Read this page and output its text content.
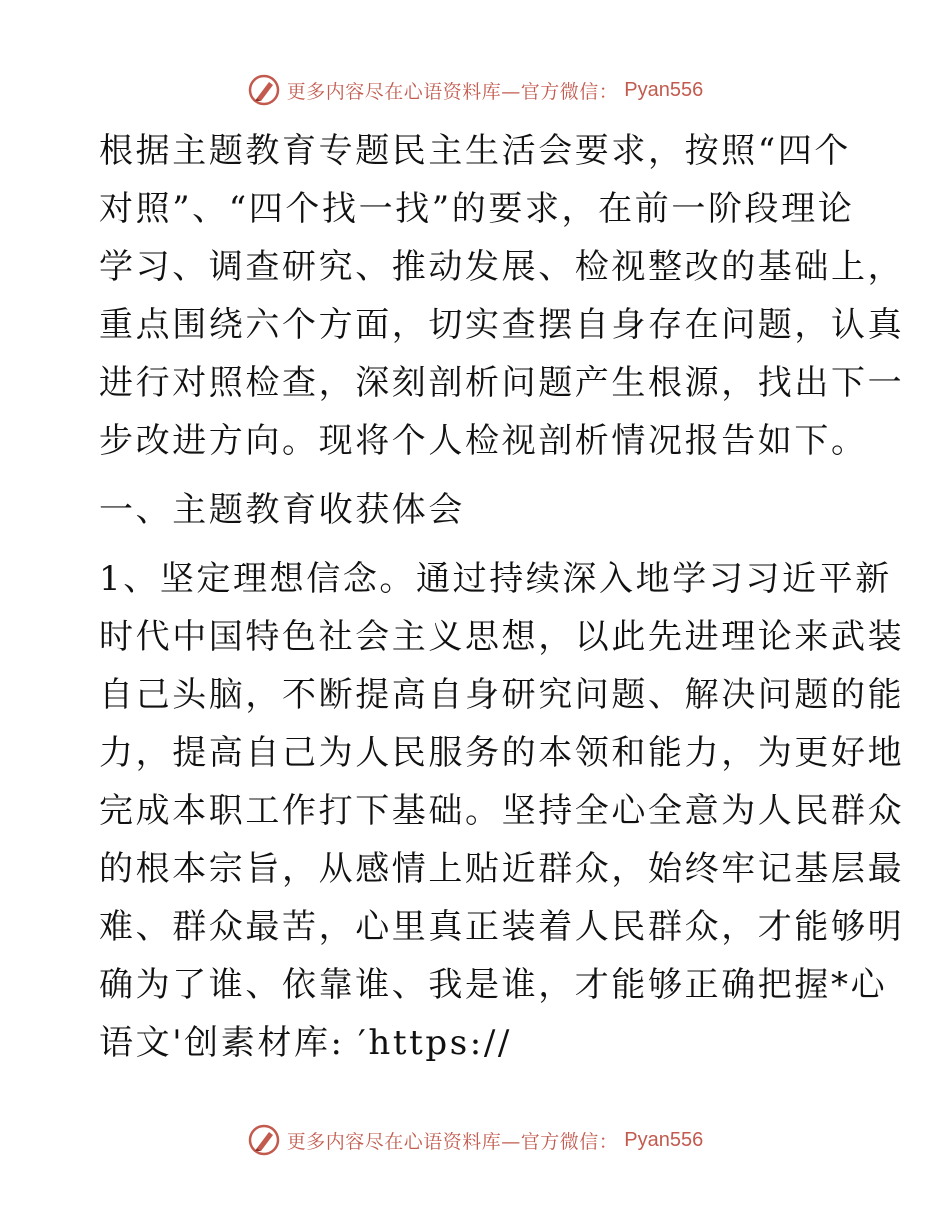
更多内容尽在心语资料库—官方微信： Pyan556
根据主题教育专题民主生活会要求，按照“四个
对照”、“四个找一找”的要求，在前一阶段理论
学习、调查研究、推动发展、检视整改的基础上，
重点围绕六个方面，切实查摆自身存在问题，认真
进行对照检查，深刻剖析问题产生根源，找出下一
步改进方向。现将个人检视剖析情况报告如下。
一、主题教育收获体会
1、坚定理想信念。通过持续深入地学习习近平新
时代中国特色社会主义思想，以此先进理论来武装
自己头脑，不断提高自身研究问题、解决问题的能
力，提高自己为人民服务的本领和能力，为更好地
完成本职工作打下基础。坚持全心全意为人民群众
的根本宗旨，从感情上贴近群众，始终牢记基层最
难、群众最苦，心里真正装着人民群众，才能够明
确为了谁、依靠谁、我是谁，才能够正确把握*心
语文'创素材库: ′https://
更多内容尽在心语资料库—官方微信： Pyan556
